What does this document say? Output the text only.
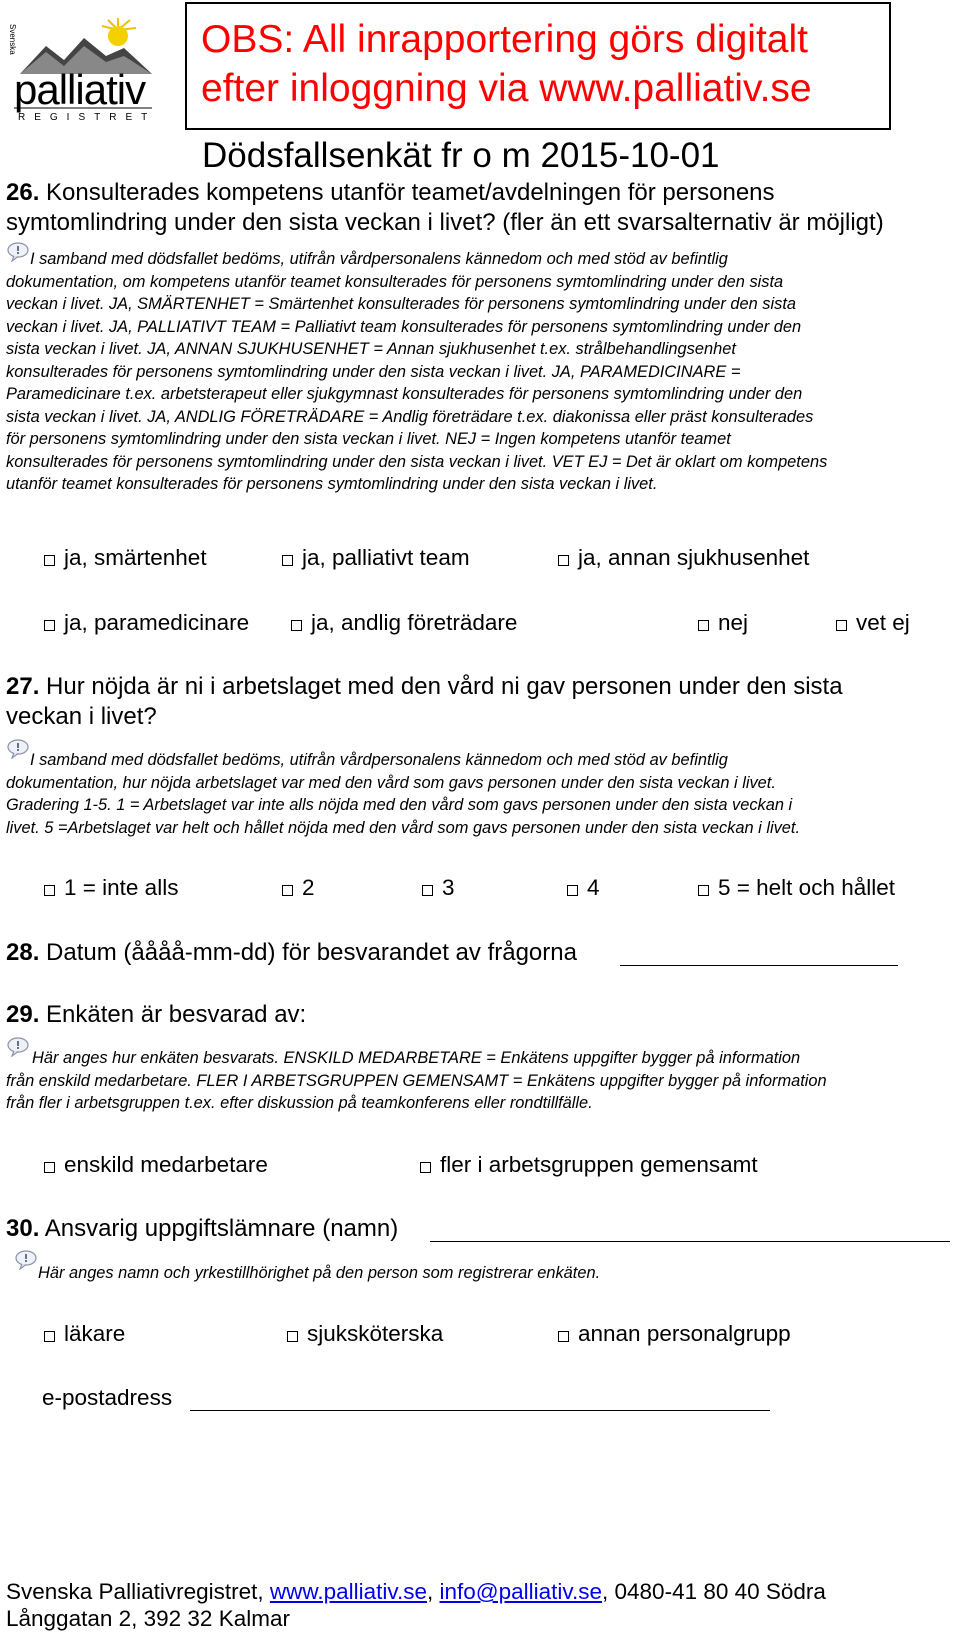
Svenska
palliativ
REGISTRET
OBS: All inrapportering görs digitalt
efter inloggning via www.palliativ.se
Dödsfallsenkät fr o m 2015-10-01
26. Konsulterades kompetens utanför teamet/avdelningen för personens
symtomlindring under den sista veckan i livet? (fler än ett svarsalternativ är möjligt)
I samband med dödsfallet bedöms, utifrån vårdpersonalens kännedom och med stöd av befintlig
dokumentation, om kompetens utanför teamet konsulterades för personens symtomlindring under den sista
veckan i livet. JA, SMÄRTENHET = Smärtenhet konsulterades för personens symtomlindring under den sista
veckan i livet. JA, PALLIATIVT TEAM = Palliativt team konsulterades för personens symtomlindring under den
sista veckan i livet. JA, ANNAN SJUKHUSENHET = Annan sjukhusenhet t.ex. strålbehandlingsenhet
konsulterades för personens symtomlindring under den sista veckan i livet. JA, PARAMEDICINARE =
Paramedicinare t.ex. arbetsterapeut eller sjukgymnast konsulterades för personens symtomlindring under den
sista veckan i livet. JA, ANDLIG FÖRETRÄDARE = Andlig företrädare t.ex. diakonissa eller präst konsulterades
för personens symtomlindring under den sista veckan i livet. NEJ = Ingen kompetens utanför teamet
konsulterades för personens symtomlindring under den sista veckan i livet. VET EJ = Det är oklart om kompetens
utanför teamet konsulterades för personens symtomlindring under den sista veckan i livet.
ja, smärtenhet	ja, palliativt team	ja, annan sjukhusenhet
ja, paramedicinare	ja, andlig företrädare	nej	vet ej
27. Hur nöjda är ni i arbetslaget med den vård ni gav personen under den sista
veckan i livet?
I samband med dödsfallet bedöms, utifrån vårdpersonalens kännedom och med stöd av befintlig
dokumentation, hur nöjda arbetslaget var med den vård som gavs personen under den sista veckan i livet.
Gradering 1-5. 1 = Arbetslaget var inte alls nöjda med den vård som gavs personen under den sista veckan i
livet. 5 =Arbetslaget var helt och hållet nöjda med den vård som gavs personen under den sista veckan i livet.
1 = inte alls	2	3	4	5 = helt och hållet
28. Datum (åååå-mm-dd) för besvarandet av frågorna
29. Enkäten är besvarad av:
Här anges hur enkäten besvarats. ENSKILD MEDARBETARE = Enkätens uppgifter bygger på information
från enskild medarbetare. FLER I ARBETSGRUPPEN GEMENSAMT = Enkätens uppgifter bygger på information
från fler i arbetsgruppen t.ex. efter diskussion på teamkonferens eller rondtillfälle.
enskild medarbetare	fler i arbetsgruppen gemensamt
30. Ansvarig uppgiftslämnare (namn)
Här anges namn och yrkestillhörighet på den person som registrerar enkäten.
läkare	sjuksköterska	annan personalgrupp
e-postadress
Svenska Palliativregistret, www.palliativ.se, info@palliativ.se, 0480-41 80 40 Södra
Långgatan 2, 392 32 Kalmar
